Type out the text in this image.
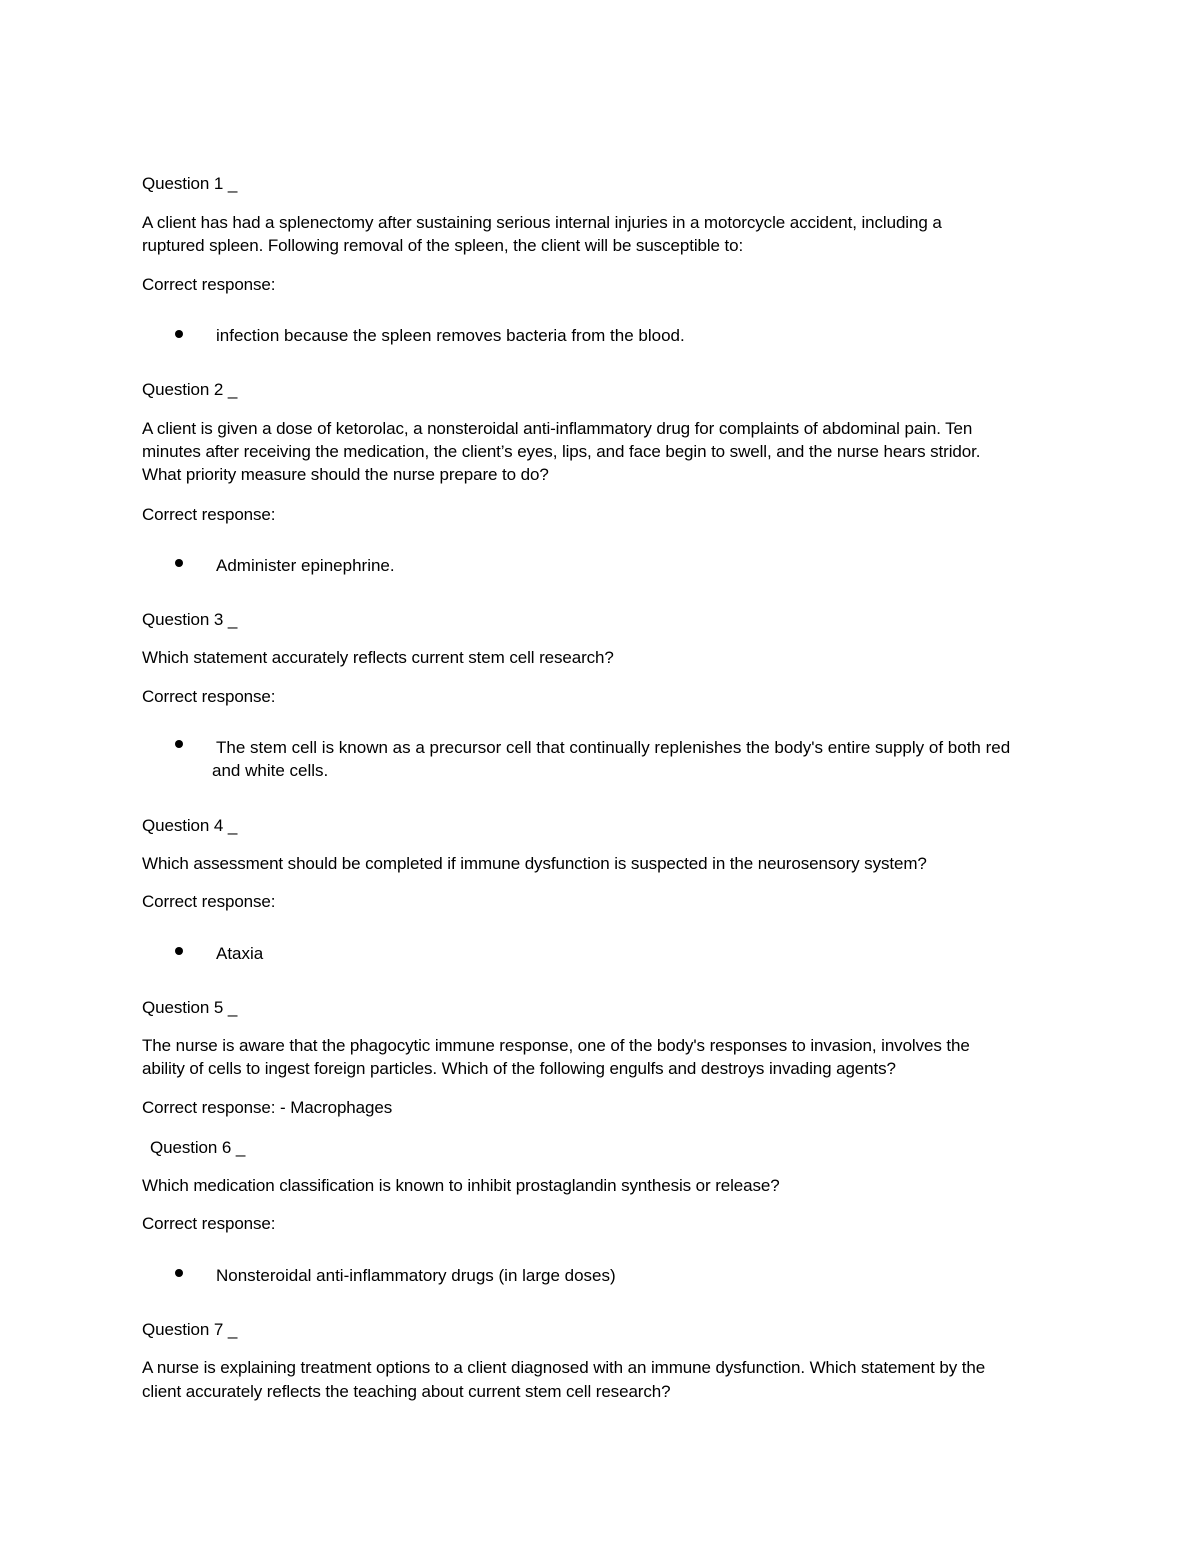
Question 1 _
A client has had a splenectomy after sustaining serious internal injuries in a motorcycle accident, including a
ruptured spleen. Following removal of the spleen, the client will be susceptible to:
Correct response:
infection because the spleen removes bacteria from the blood.
Question 2 _
A client is given a dose of ketorolac, a nonsteroidal anti-inflammatory drug for complaints of abdominal pain. Ten
minutes after receiving the medication, the client’s eyes, lips, and face begin to swell, and the nurse hears stridor.
What priority measure should the nurse prepare to do?
Correct response:
Administer epinephrine.
Question 3 _
Which statement accurately reflects current stem cell research?
Correct response:
The stem cell is known as a precursor cell that continually replenishes the body's entire supply of both red
and white cells.
Question 4 _
Which assessment should be completed if immune dysfunction is suspected in the neurosensory system?
Correct response:
Ataxia
Question 5 _
The nurse is aware that the phagocytic immune response, one of the body's responses to invasion, involves the
ability of cells to ingest foreign particles. Which of the following engulfs and destroys invading agents?
Correct response: - Macrophages
Question 6 _
Which medication classification is known to inhibit prostaglandin synthesis or release?
Correct response:
Nonsteroidal anti-inflammatory drugs (in large doses)
Question 7 _
A nurse is explaining treatment options to a client diagnosed with an immune dysfunction. Which statement by the
client accurately reflects the teaching about current stem cell research?
